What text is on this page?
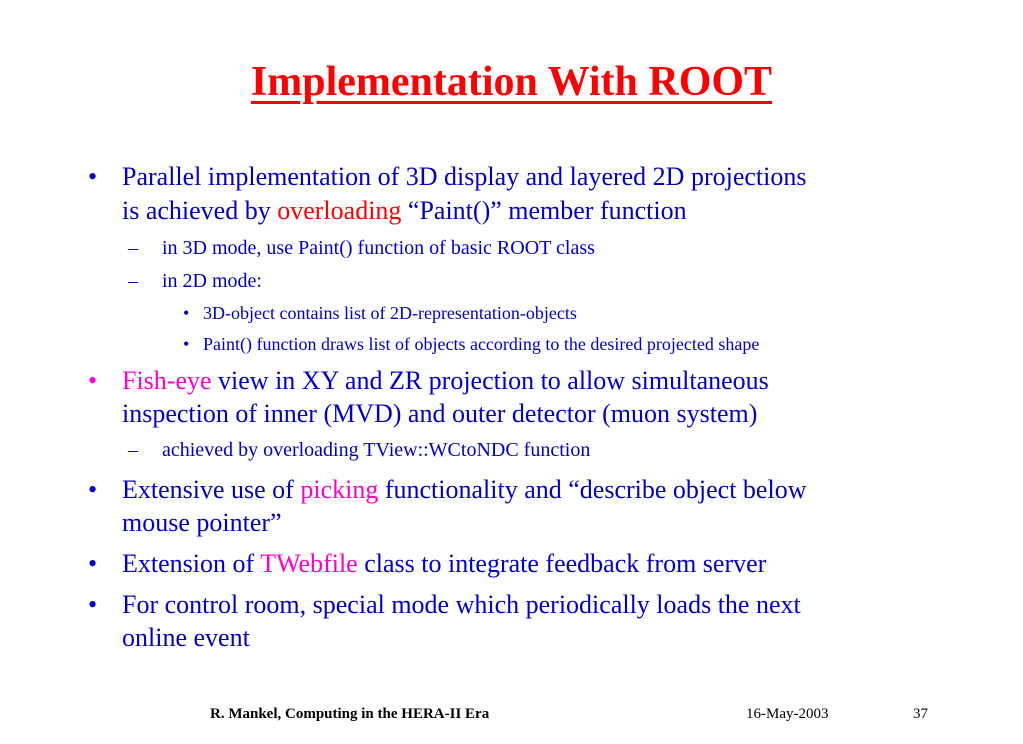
Implementation With ROOT
• Parallel implementation of 3D display and layered 2D projections
is achieved by overloading “Paint()” member function
– in 3D mode, use Paint() function of basic ROOT class
– in 2D mode:
• 3D-object contains list of 2D-representation-objects
• Paint() function draws list of objects according to the desired projected shape
• Fish-eye view in XY and ZR projection to allow simultaneous
inspection of inner (MVD) and outer detector (muon system)
– achieved by overloading TView::WCtoNDC function
• Extensive use of picking functionality and “describe object below
mouse pointer”
• Extension of TWebfile class to integrate feedback from server
• For control room, special mode which periodically loads the next
online event
R. Mankel, Computing in the HERA-II Era	16-May-2003	37
